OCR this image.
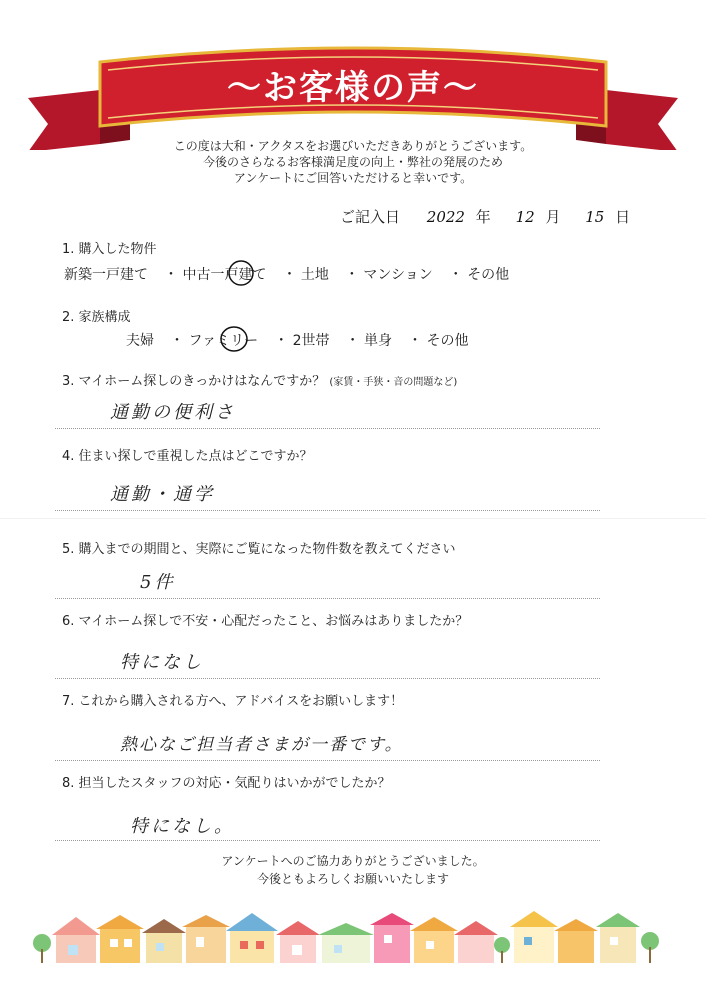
〜お客様の声〜
この度は大和・アクタスをお選びいただきありがとうございます。
今後のさらなるお客様満足度の向上・弊社の発展のため
アンケートにご回答いただけると幸いです。
ご記入日 2022 年 12 月 15 日
1. 購入した物件
新築一戸建て ・ 中古一戸建て ・ 土地 ・ マンション ・ その他
2. 家族構成
夫婦 ・ ファミリー ・ 2世帯 ・ 単身 ・ その他
3. マイホーム探しのきっかけはなんですか？ (家賃・手狭・音の問題など)
通勤の便利さ
4. 住まい探しで重視した点はどこですか？
通勤・通学
5. 購入までの期間と、実際にご覧になった物件数を教えてください
5件
6. マイホーム探しで不安・心配だったこと、お悩みはありましたか？
特になし
7. これから購入される方へ、アドバイスをお願いします！
熱心なご担当者さまが一番です。
8. 担当したスタッフの対応・気配りはいかがでしたか？
特になし。
アンケートへのご協力ありがとうございました。
今後ともよろしくお願いいたします
